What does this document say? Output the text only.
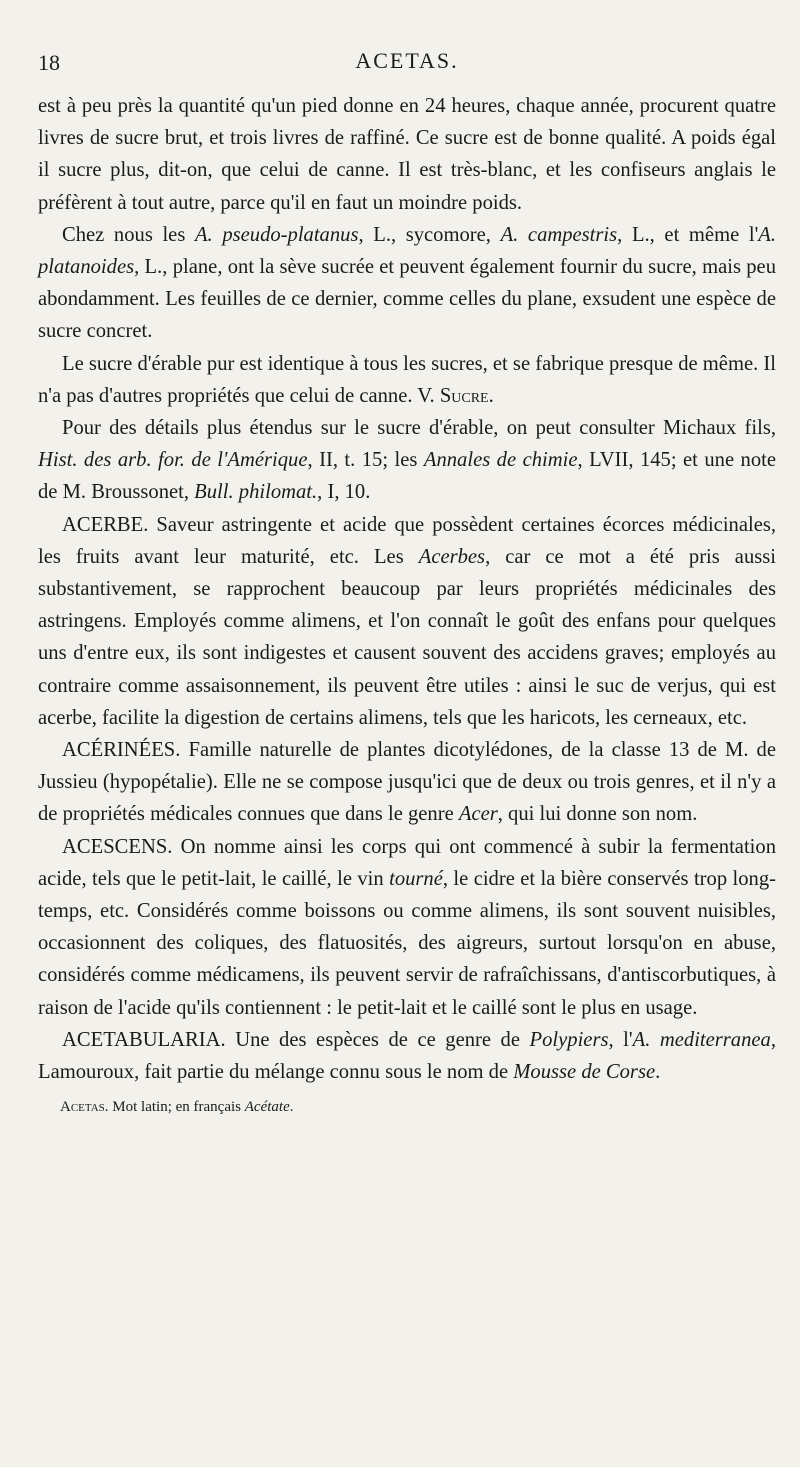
18	ACETAS.

est à peu près la quantité qu'un pied donne en 24 heures, chaque année, procurent quatre livres de sucre brut, et trois livres de raffiné. Ce sucre est de bonne qualité. A poids égal il sucre plus, dit-on, que celui de canne. Il est très-blanc, et les confiseurs anglais le préfèrent à tout autre, parce qu'il en faut un moindre poids.

Chez nous les A. pseudo-platanus, L., sycomore, A. campestris, L., et même l'A. platanoides, L., plane, ont la sève sucrée et peuvent également fournir du sucre, mais peu abondamment. Les feuilles de ce dernier, comme celles du plane, exsudent une espèce de sucre concret.

Le sucre d'érable pur est identique à tous les sucres, et se fabrique presque de même. Il n'a pas d'autres propriétés que celui de canne. V. Sucre.

Pour des détails plus étendus sur le sucre d'érable, on peut consulter Michaux fils, Hist. des arb. for. de l'Amérique, II, t. 15; les Annales de chimie, LVII, 145; et une note de M. Broussonet, Bull. philomat., I, 10.

ACERBE. Saveur astringente et acide que possèdent certaines écorces médicinales, les fruits avant leur maturité, etc. Les Acerbes, car ce mot a été pris aussi substantivement, se rapprochent beaucoup par leurs propriétés médicinales des astringens. Employés comme alimens, et l'on connaît le goût des enfans pour quelques uns d'entre eux, ils sont indigestes et causent souvent des accidens graves; employés au contraire comme assaisonnement, ils peuvent être utiles : ainsi le suc de verjus, qui est acerbe, facilite la digestion de certains alimens, tels que les haricots, les cerneaux, etc.

ACÉRINÉES. Famille naturelle de plantes dicotylédones, de la classe 13 de M. de Jussieu (hypopétalie). Elle ne se compose jusqu'ici que de deux ou trois genres, et il n'y a de propriétés médicales connues que dans le genre Acer, qui lui donne son nom.

ACESCENS. On nomme ainsi les corps qui ont commencé à subir la fermentation acide, tels que le petit-lait, le caillé, le vin tourné, le cidre et la bière conservés trop long-temps, etc. Considérés comme boissons ou comme alimens, ils sont souvent nuisibles, occasionnent des coliques, des flatuosités, des aigreurs, surtout lorsqu'on en abuse, considérés comme médicamens, ils peuvent servir de rafraîchissans, d'antiscorbutiques, à raison de l'acide qu'ils contiennent : le petit-lait et le caillé sont le plus en usage.

ACETABULARIA. Une des espèces de ce genre de Polypiers, l'A. mediterranea, Lamouroux, fait partie du mélange connu sous le nom de Mousse de Corse.

Acetas. Mot latin; en français Acétate.
